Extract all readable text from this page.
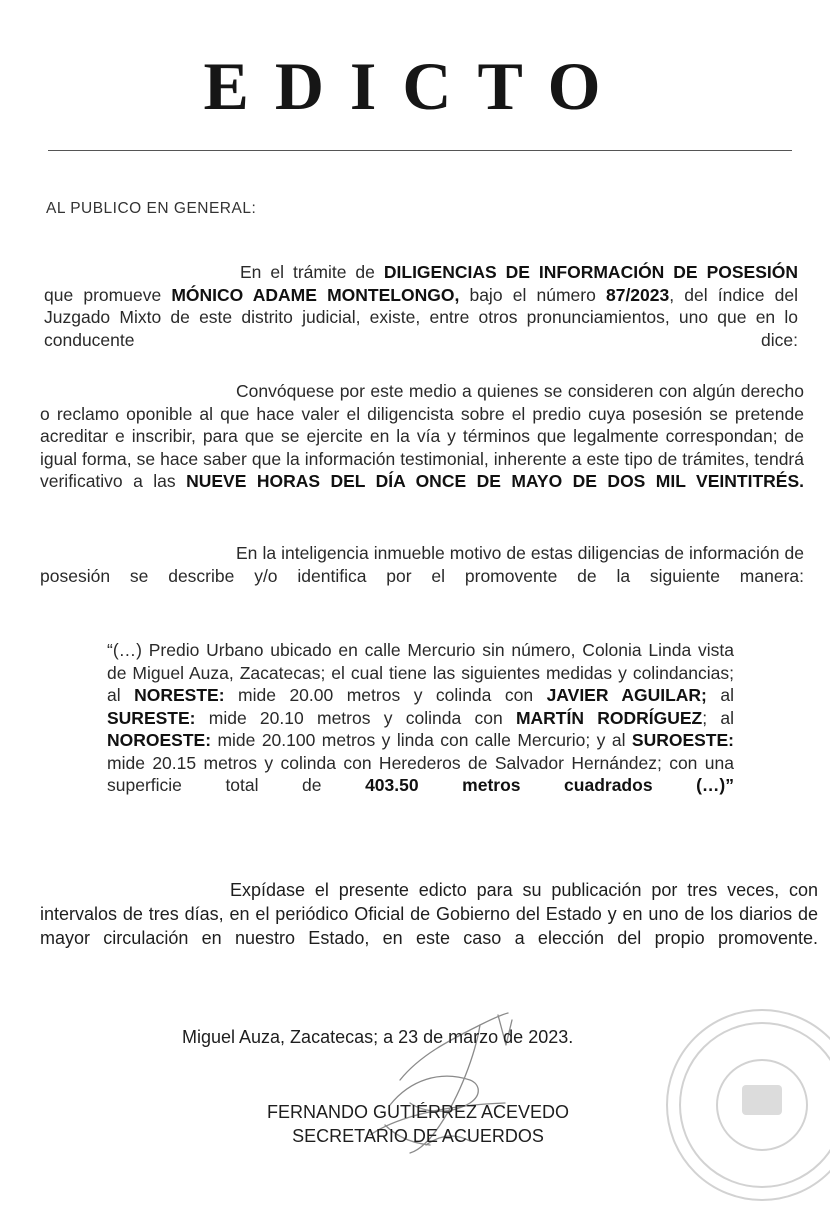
EDICTO
AL PUBLICO EN GENERAL:
En el trámite de DILIGENCIAS DE INFORMACIÓN DE POSESIÓN que promueve MÓNICO ADAME MONTELONGO, bajo el número 87/2023, del índice del Juzgado Mixto de este distrito judicial, existe, entre otros pronunciamientos, uno que en lo conducente dice:
Convóquese por este medio a quienes se consideren con algún derecho o reclamo oponible al que hace valer el diligencista sobre el predio cuya posesión se pretende acreditar e inscribir, para que se ejercite en la vía y términos que legalmente correspondan; de igual forma, se hace saber que la información testimonial, inherente a este tipo de trámites, tendrá verificativo a las NUEVE HORAS DEL DÍA ONCE DE MAYO DE DOS MIL VEINTITRÉS.
En la inteligencia inmueble motivo de estas diligencias de información de posesión se describe y/o identifica por el promovente de la siguiente manera:
“(…) Predio Urbano ubicado en calle Mercurio sin número, Colonia Linda vista de Miguel Auza, Zacatecas; el cual tiene las siguientes medidas y colindancias; al NORESTE: mide 20.00 metros y colinda con JAVIER AGUILAR; al SURESTE: mide 20.10 metros y colinda con MARTÍN RODRÍGUEZ; al NOROESTE: mide 20.100 metros y linda con calle Mercurio; y al SUROESTE: mide 20.15 metros y colinda con Herederos de Salvador Hernández; con una superficie total de 403.50 metros cuadrados (…)”
Expídase el presente edicto para su publicación por tres veces, con intervalos de tres días, en el periódico Oficial de Gobierno del Estado y en uno de los diarios de mayor circulación en nuestro Estado, en este caso a elección del propio promovente.
Miguel Auza, Zacatecas; a 23 de marzo de 2023.
FERNANDO GUTIÉRREZ ACEVEDO
SECRETARIO DE ACUERDOS
